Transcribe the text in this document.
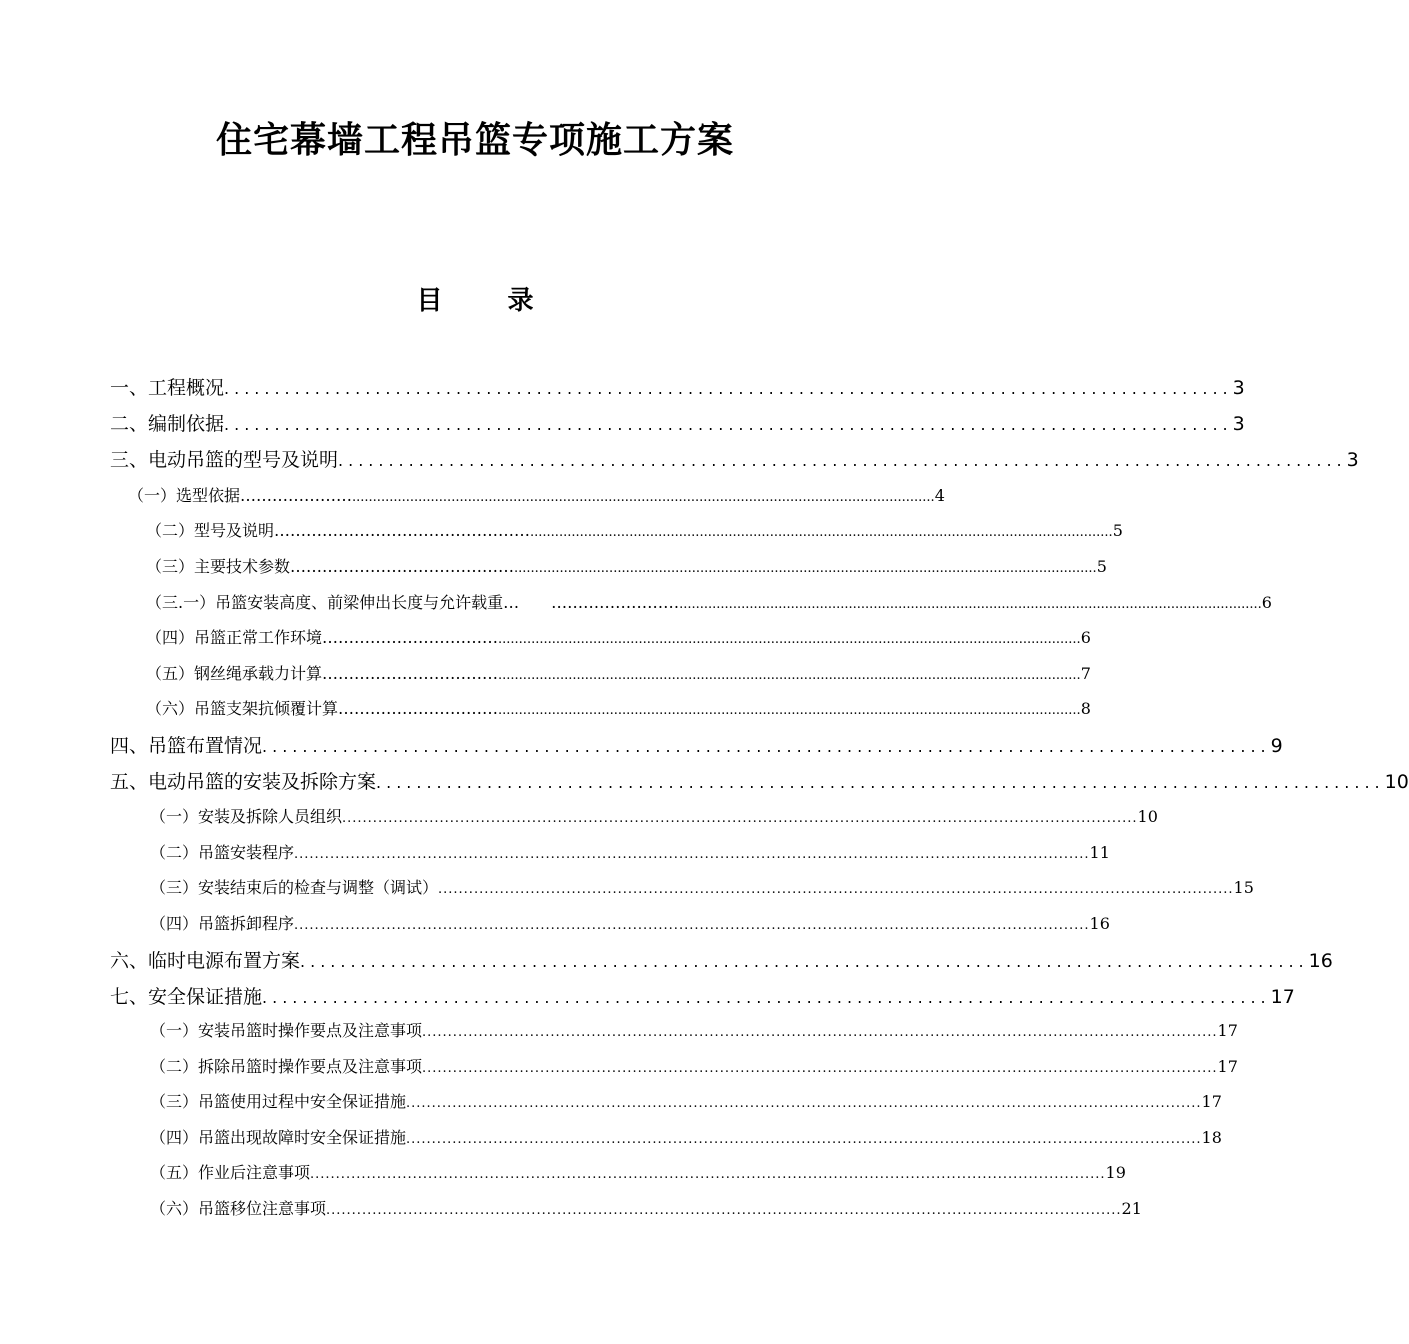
住宅幕墙工程吊篮专项施工方案
目 录
一、工程概况 .................................................................................................... 3
二、编制依据 .................................................................................................... 3
三、电动吊篮的型号及说明 .................................................................................................... 3
（一）选型依据………………… ............................................................................................................................................. 4
（二）型号及说明………………………………………… ............................................................................................................................................. 5
（三）主要技术参数…………………………………… ............................................................................................................................................. 5
（三.一）吊篮安装高度、前梁伸出长度与允许载重…　　…………………… ............................................................................................................................................. 6
（四）吊篮正常工作环境…………………………… ............................................................................................................................................. 6
（五）钢丝绳承载力计算…………………………… ............................................................................................................................................. 7
（六）吊篮支架抗倾覆计算………………………… ............................................................................................................................................. 8
四、吊篮布置情况 .................................................................................................... 9
五、电动吊篮的安装及拆除方案 .................................................................................................... 10
（一）安装及拆除人员组织 ........................................................................................................................................................... 10
（二）吊篮安装程序 ........................................................................................................................................................... 11
（三）安装结束后的检查与调整（调试） ........................................................................................................................................................... 15
（四）吊篮拆卸程序 ........................................................................................................................................................... 16
六、临时电源布置方案 .................................................................................................... 16
七、安全保证措施 .................................................................................................... 17
（一）安装吊篮时操作要点及注意事项 ........................................................................................................................................................... 17
（二）拆除吊篮时操作要点及注意事项 ........................................................................................................................................................... 17
（三）吊篮使用过程中安全保证措施 ........................................................................................................................................................... 17
（四）吊篮出现故障时安全保证措施 ........................................................................................................................................................... 18
（五）作业后注意事项 ........................................................................................................................................................... 19
（六）吊篮移位注意事项 ........................................................................................................................................................... 21
